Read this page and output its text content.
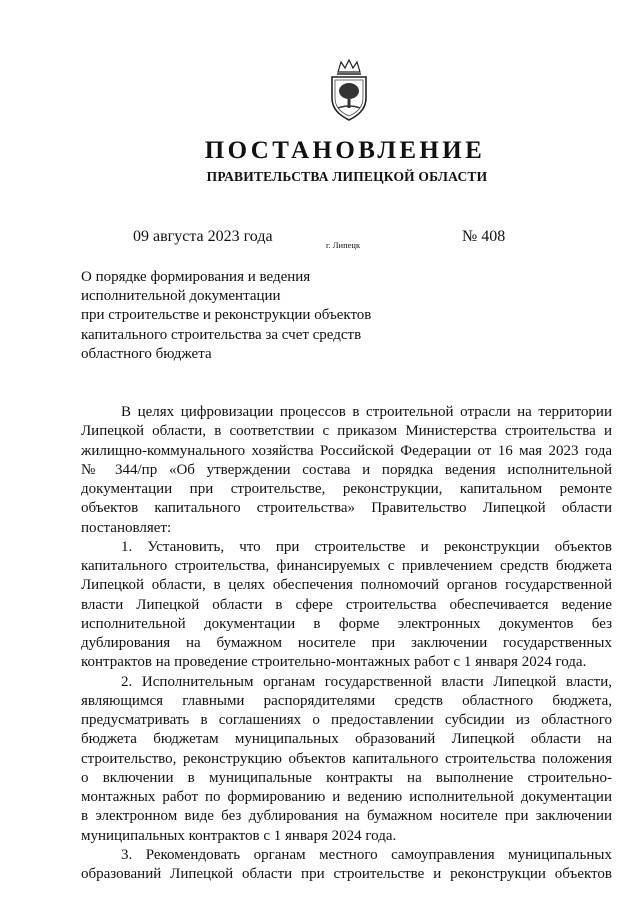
ПОСТАНОВЛЕНИЕ
ПРАВИТЕЛЬСТВА ЛИПЕЦКОЙ ОБЛАСТИ
09 августа 2023 года	г. Липецк	№ 408
О порядке формирования и ведения
исполнительной документации
при строительстве и реконструкции объектов
капитального строительства за счет средств
областного бюджета
В целях цифровизации процессов в строительной отрасли на территории
Липецкой области, в соответствии с приказом Министерства строительства и
жилищно-коммунального хозяйства Российской Федерации от 16 мая 2023 года
№ 344/пр «Об утверждении состава и порядка ведения исполнительной
документации при строительстве, реконструкции, капитальном ремонте
объектов капитального строительства» Правительство Липецкой области
постановляет:
1. Установить, что при строительстве и реконструкции объектов
капитального строительства, финансируемых с привлечением средств бюджета
Липецкой области, в целях обеспечения полномочий органов государственной
власти Липецкой области в сфере строительства обеспечивается ведение
исполнительной документации в форме электронных документов без
дублирования на бумажном носителе при заключении государственных
контрактов на проведение строительно-монтажных работ с 1 января 2024 года.
2. Исполнительным органам государственной власти Липецкой власти,
являющимся главными распорядителями средств областного бюджета,
предусматривать в соглашениях о предоставлении субсидии из областного
бюджета бюджетам муниципальных образований Липецкой области на
строительство, реконструкцию объектов капитального строительства положения
о включении в муниципальные контракты на выполнение строительно-
монтажных работ по формированию и ведению исполнительной документации
в электронном виде без дублирования на бумажном носителе при заключении
муниципальных контрактов с 1 января 2024 года.
3. Рекомендовать органам местного самоуправления муниципальных
образований Липецкой области при строительстве и реконструкции объектов
